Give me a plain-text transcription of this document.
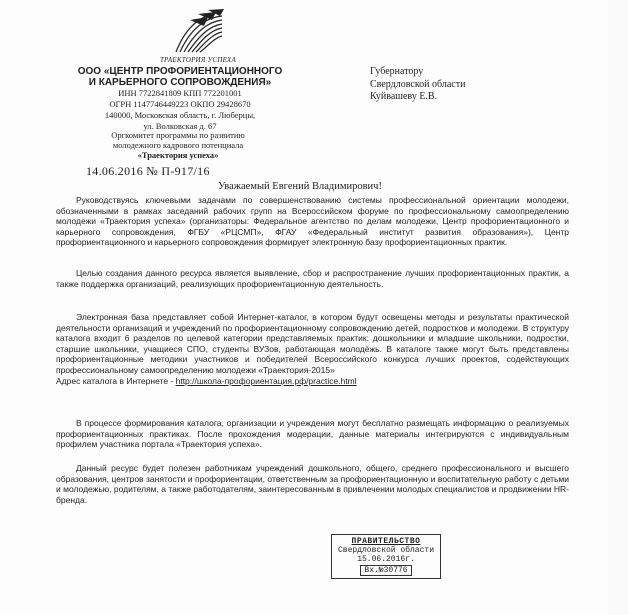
ТРАЕКТОРИЯ УСПЕХА
ООО «ЦЕНТР ПРОФОРИЕНТАЦИОННОГО
И КАРЬЕРНОГО СОПРОВОЖДЕНИЯ»
ИНН 7722841809 КПП 772201001
ОГРН 1147746449223 ОКПО 29428670
140000, Московская область, г. Люберцы,
ул. Волковская д. 67
Оргкомитет программы по развитию
молодежного кадрового потенциала
«Траектория успеха»
14.06.2016 № П-917/16
Губернатору
Свердловской области
Куйвашеву Е.В.
Уважаемый Евгений Владимирович!

Руководствуясь ключевыми задачами по совершенствованию системы профессиональной ориентации молодежи, обозначенными в рамках заседаний рабочих групп на Всероссийском форуме по профессиональному самоопределению молодежи «Траектория успеха» (организаторы: Федеральное агентство по делам молодежи, Центр профориентационного и карьерного сопровождения, ФГБУ «РЦСМП», ФГАУ «Федеральный институт развития образования»), Центр профориентационного и карьерного сопровождения формирует электронную базу профориентационных практик.

Целью создания данного ресурса является выявление, сбор и распространение лучших профориентационных практик, а также поддержка организаций, реализующих профориентационную деятельность.

Электронная база представляет собой Интернет-каталог, в котором будут освещены методы и результаты практической деятельности организаций и учреждений по профориентационному сопровождению детей, подростков и молодежи. В структуру каталога входит 6 разделов по целевой категории представляемых практик: дошкольники и младшие школьники, подростки, старшие школьники, учащиеся СПО, студенты ВУЗов, работающая молодёжь. В каталоге также могут быть представлены профориентационные методики участников и победителей Всероссийского конкурса лучших проектов, содействующих профессиональному самоопределению молодежи «Траектория-2015»

Адрес каталога в Интернете - http://школа-профориентация.рф/practice.html

В процессе формирования каталога, организации и учреждения могут бесплатно размещать информацию о реализуемых профориентационных практиках. После прохождения модерации, данные материалы интегрируются с индивидуальным профилем участника портала «Траектория успеха».

Данный ресурс будет полезен работникам учреждений дошкольного, общего, среднего профессионального и высшего образования, центров занятости и профориентации, ответственным за профориентационную и воспитательную работу с детьми и молодежью, родителям, а также работодателям, заинтересованным в привлечении молодых специалистов и продвижении HR-бренда.

ПРАВИТЕЛЬСТВО
Свердловской области
15.06.2016г.
Вх.№30776
